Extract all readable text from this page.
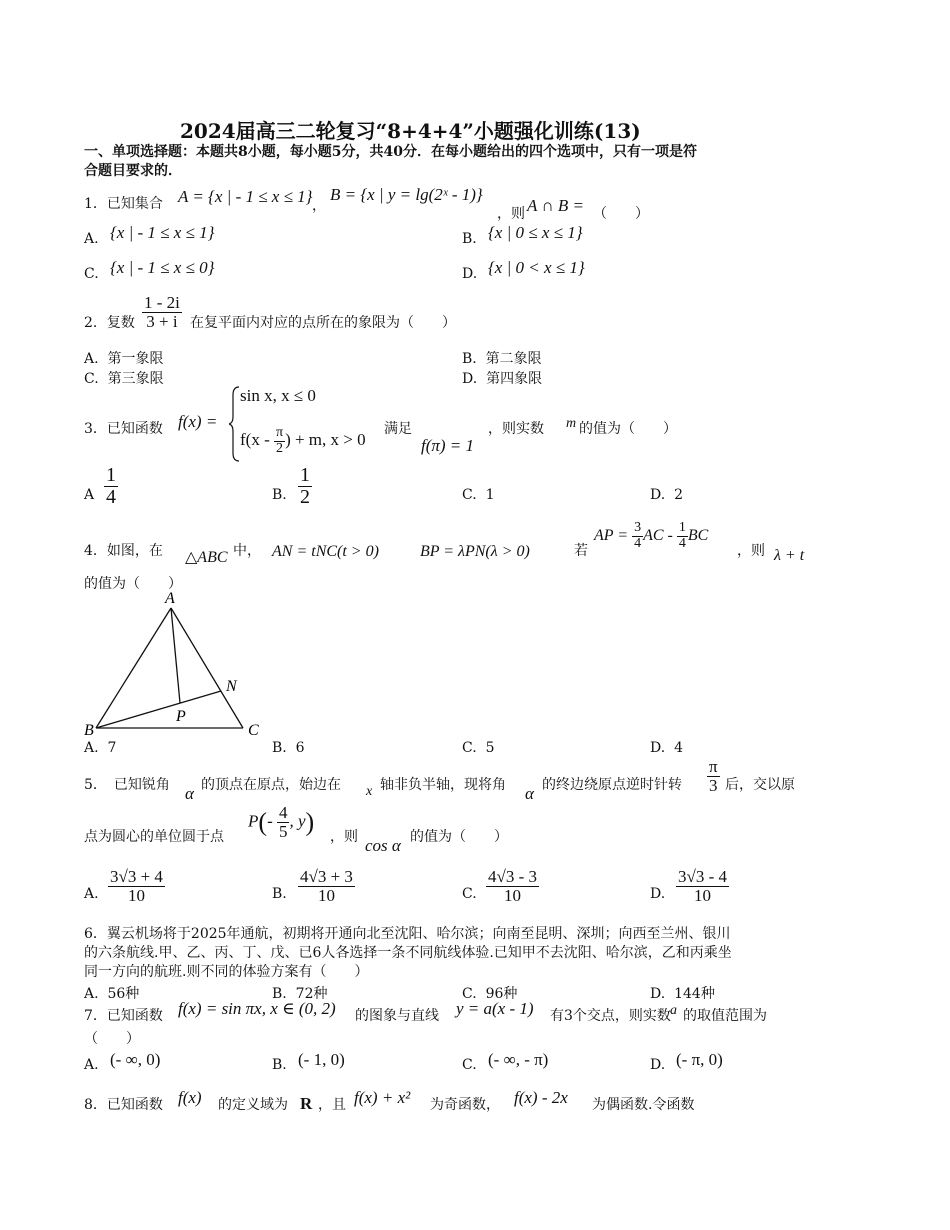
2024届高三二轮复习“8+4+4”小题强化训练(13)
一、单项选择题：本题共8小题，每小题5分，共40分．在每小题给出的四个选项中，只有一项是符
合题目要求的．
1．已知集合 A = {x | - 1 ≤ x ≤ 1} ，
B = {x | y = lg(2ˣ - 1)}
，则 A ∩ B = （　　）
A. {x | - 1 ≤ x ≤ 1}	B. {x | 0 ≤ x ≤ 1}
C. {x | - 1 ≤ x ≤ 0}	D. {x | 0 < x ≤ 1}
2．复数 $\frac{1 - 2i}{3 + i}$ 在复平面内对应的点所在的象限为（　　）
A. 第一象限	B. 第二象限
C. 第三象限	D. 第四象限
3．已知函数 f(x) =
sin x, x ≤ 0
$f(x - \frac{\pi}{2}$ ) + m, x > 0
满足
f(π) = 1
，则实数 m 的值为（　　）
A $\frac{1}{4}$	B. $\frac{1}{2}$	C. 1	D. 2
4．如图，在 △ABC 中， AN = tNC(t > 0)	BP = λPN(λ > 0)	若
AP = $\frac{3}{4}$ AC - $\frac{1}{4}$ BC
，则 λ + t
的值为（　　）
A
B	C
N
P
A. 7	B. 6	C. 5	D. 4
5．　已知锐角 α 的顶点在原点，始边在 x 轴非负半轴，现将角 α 的终边绕原点逆时针转 $\frac{\pi}{3}$ 后，交以原
点为圆心的单位圆于点
$P(- \frac{4}{5}$ , y)
，则 cos α 的值为（　　）
A. $\frac{3√3 + 4}{10}$	B. $\frac{4√3 + 3}{10}$	C. $\frac{4√3 - 3}{10}$	D. $\frac{3√3 - 4}{10}$
6．翼云机场将于2025年通航，初期将开通向北至沈阳、哈尔滨；向南至昆明、深圳；向西至兰州、银川
的六条航线.甲、乙、丙、丁、戊、已6人各选择一条不同航线体验.已知甲不去沈阳、哈尔滨，乙和丙乘坐
同一方向的航班.则不同的体验方案有（　　）
A. 56种	B. 72种	C. 96种	D. 144种
7．已知函数 f(x) = sin πx, x ∈ (0, 2) 的图象与直线 y = a(x - 1) 有3个交点，则实数 a 的取值范围为
（　　）
A. (- ∞, 0)	B. (- 1, 0)	C. (- ∞, - π)	D. (- π, 0)
8．已知函数 f(x) 的定义域为 R ，且 f(x) + x² 为奇函数， f(x) - 2x 为偶函数.令函数
